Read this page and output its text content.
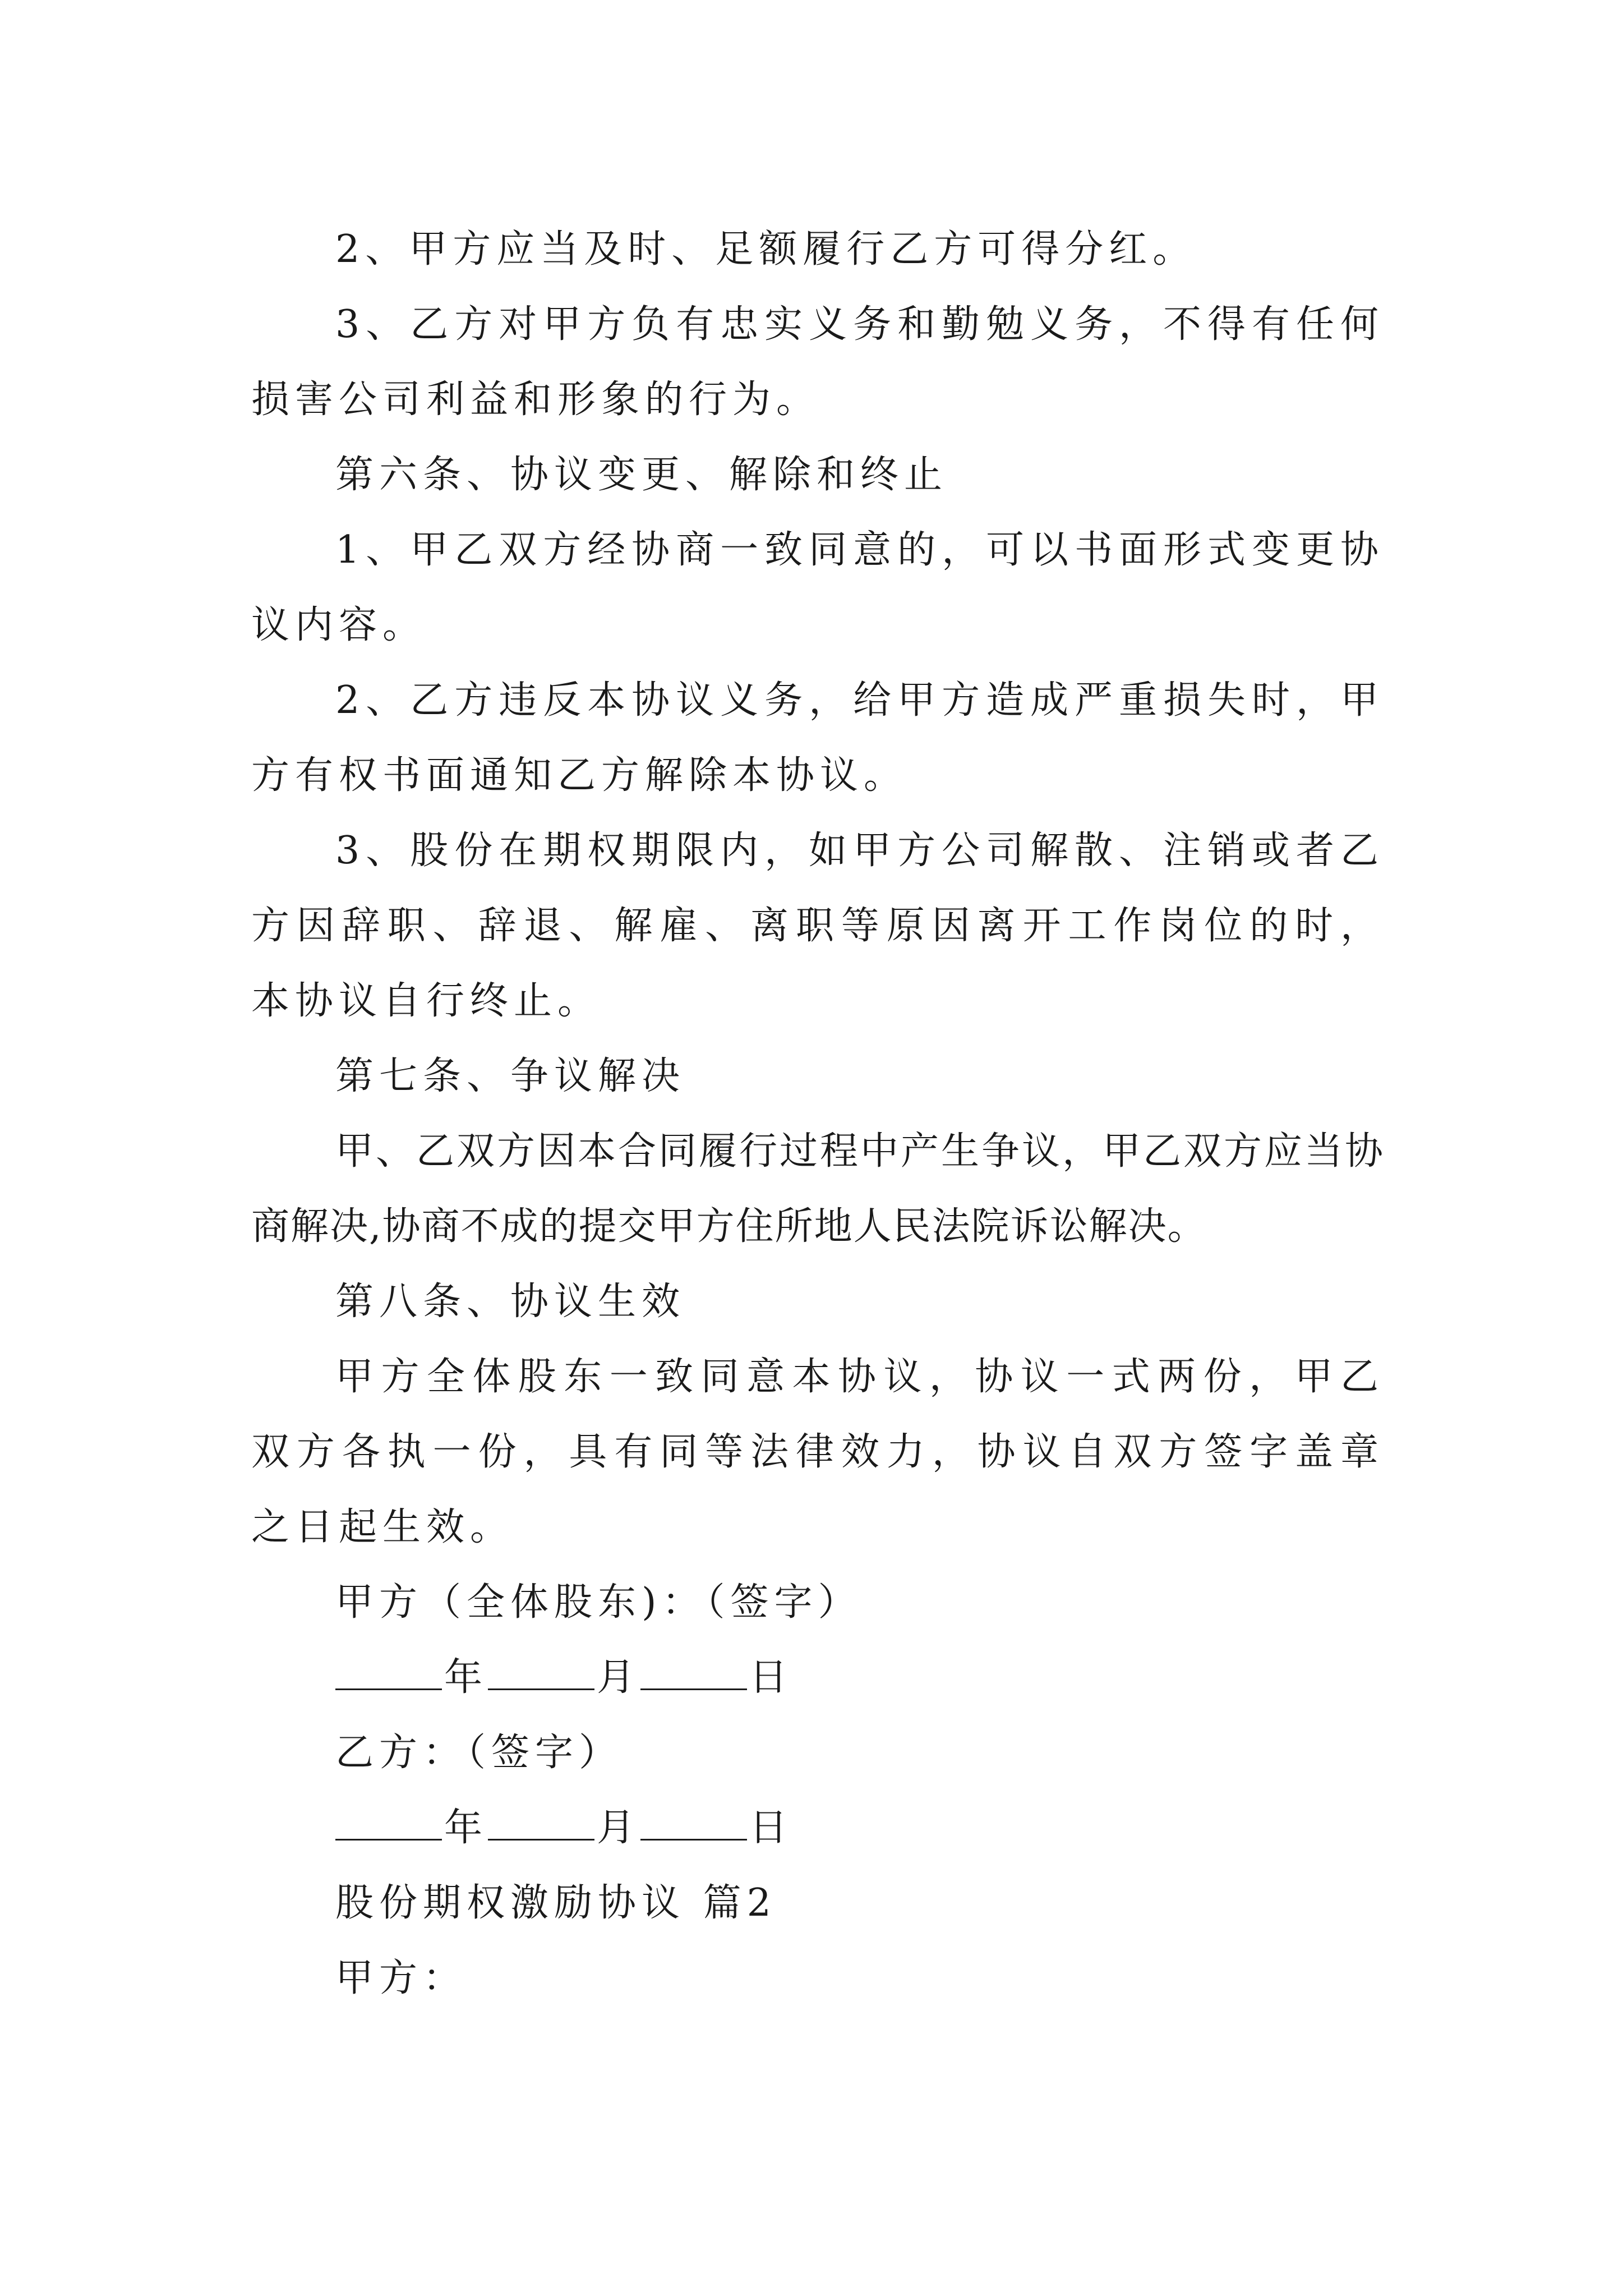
2、甲方应当及时、足额履行乙方可得分红。

3、乙方对甲方负有忠实义务和勤勉义务，不得有任何损害公司利益和形象的行为。

第六条、协议变更、解除和终止

1、甲乙双方经协商一致同意的，可以书面形式变更协议内容。

2、乙方违反本协议义务，给甲方造成严重损失时，甲方有权书面通知乙方解除本协议。

3、股份在期权期限内，如甲方公司解散、注销或者乙方因辞职、辞退、解雇、离职等原因离开工作岗位的时，本协议自行终止。

第七条、争议解决

甲、乙双方因本合同履行过程中产生争议，甲乙双方应当协商解决,协商不成的提交甲方住所地人民法院诉讼解决。

第八条、协议生效

甲方全体股东一致同意本协议，协议一式两份，甲乙双方各执一份，具有同等法律效力，协议自双方签字盖章之日起生效。

甲方（全体股东)：（签字）

年	月	日

乙方：（签字）

年	月	日

股份期权激励协议 篇2

甲方：
